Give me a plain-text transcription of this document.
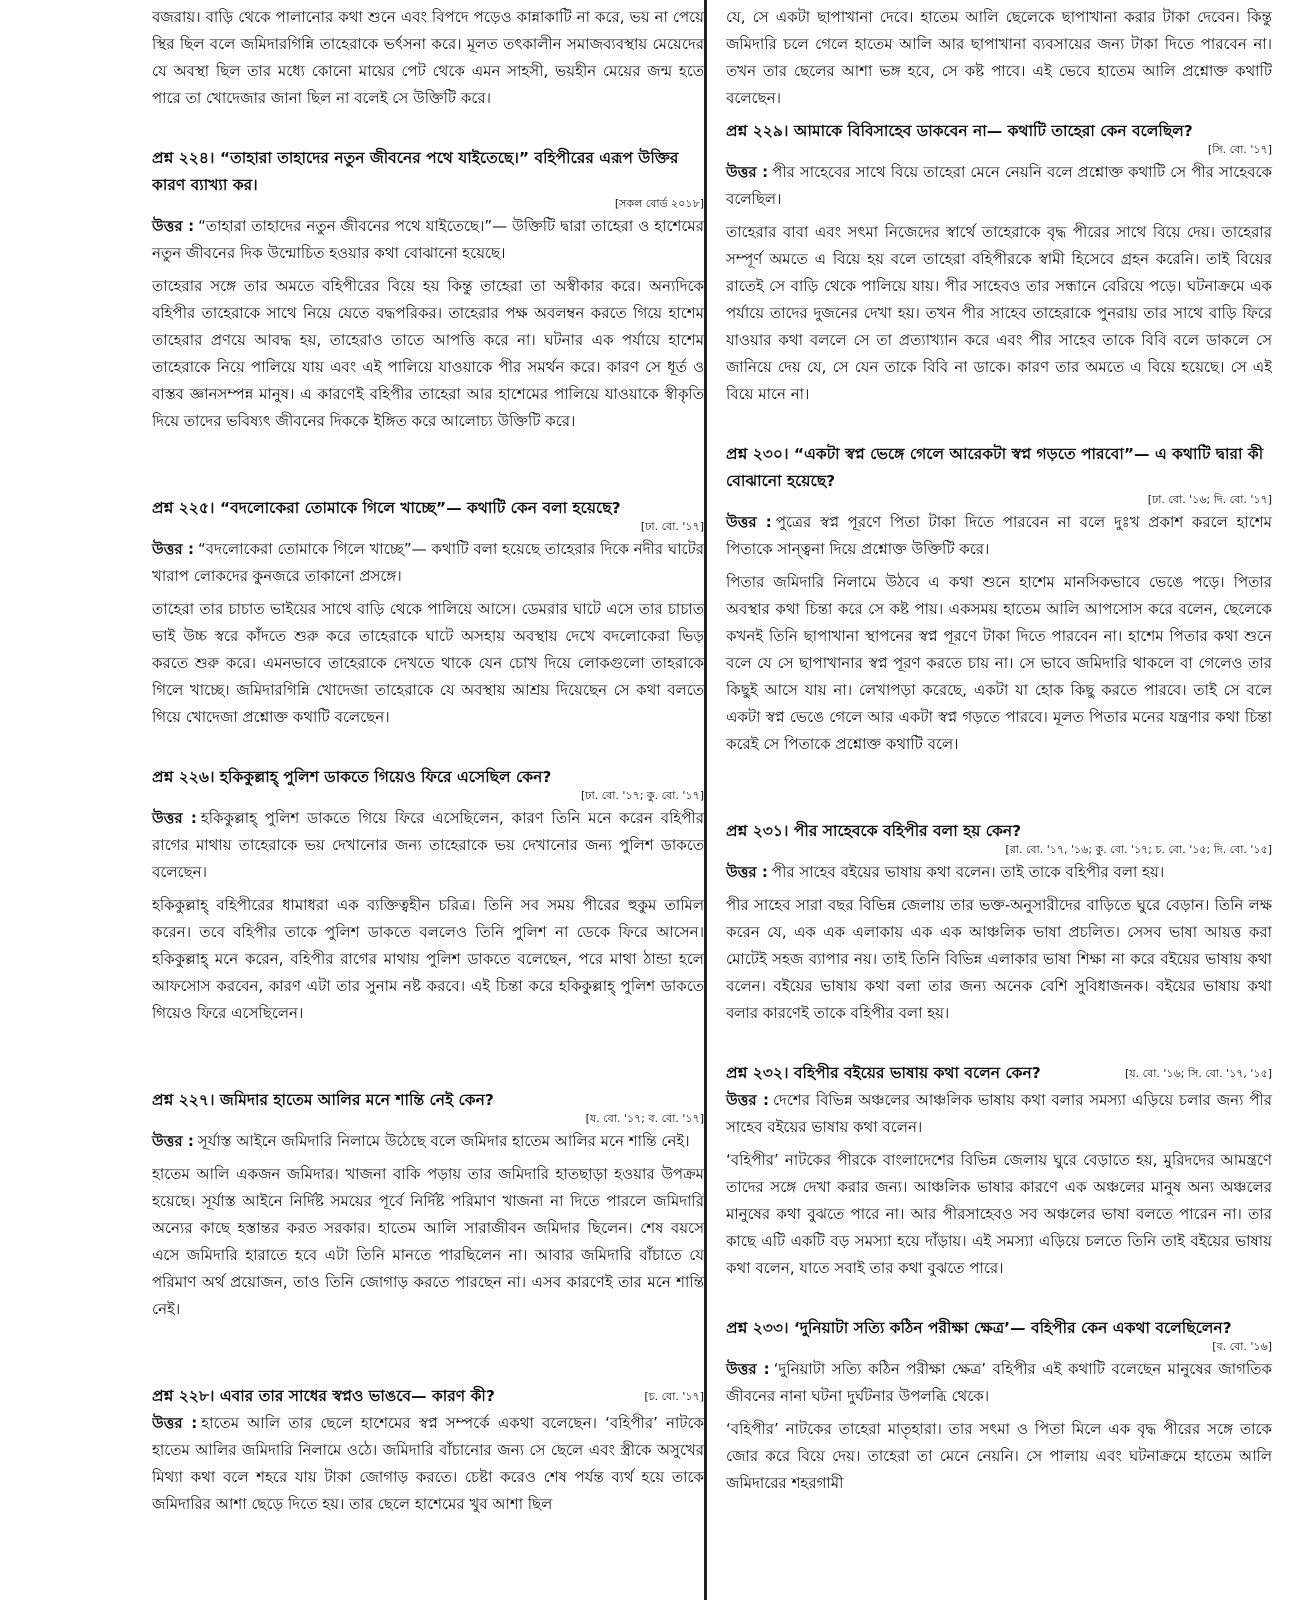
বজরায়। বাড়ি থেকে পালানোর কথা শুনে এবং বিপদে পড়েও কান্নাকাটি না করে, ভয় না পেয়ে স্থির ছিল বলে জমিদারগিন্নি তাহেরাকে ভর্ৎসনা করে। মূলত তৎকালীন সমাজব্যবস্থায় মেয়েদের যে অবস্থা ছিল তার মধ্যে কোনো মায়ের পেট থেকে এমন সাহসী, ভয়হীন মেয়ের জন্ম হতে পারে তা খোদেজার জানা ছিল না বলেই সে উক্তিটি করে।

প্রশ্ন ২২৪। “তাহারা তাহাদের নতুন জীবনের পথে যাইতেছে।” বহিপীরের এরূপ উক্তির কারণ ব্যাখ্যা কর।
[সকল বোর্ড ২০১৮]

উত্তর : “তাহারা তাহাদের নতুন জীবনের পথে যাইতেছে।”— উক্তিটি দ্বারা তাহেরা ও হাশেমের নতুন জীবনের দিক উন্মোচিত হওয়ার কথা বোঝানো হয়েছে।

তাহেরার সঙ্গে তার অমতে বহিপীরের বিয়ে হয় কিন্তু তাহেরা তা অস্বীকার করে। অন্যদিকে বহিপীর তাহেরাকে সাথে নিয়ে যেতে বদ্ধপরিকর। তাহেরার পক্ষ অবলম্বন করতে গিয়ে হাশেম তাহেরার প্রণয়ে আবদ্ধ হয়, তাহেরাও তাতে আপত্তি করে না। ঘটনার এক পর্যায়ে হাশেম তাহেরাকে নিয়ে পালিয়ে যায় এবং এই পালিয়ে যাওয়াকে পীর সমর্থন করে। কারণ সে ধূর্ত ও বাস্তব জ্ঞানসম্পন্ন মানুষ। এ কারণেই বহিপীর তাহেরা আর হাশেমের পালিয়ে যাওয়াকে স্বীকৃতি দিয়ে তাদের ভবিষ্যৎ জীবনের দিককে ইঙ্গিত করে আলোচ্য উক্তিটি করে।

প্রশ্ন ২২৫। “বদলোকেরা তোমাকে গিলে খাচ্ছে”— কথাটি কেন বলা হয়েছে?
[ঢা. বো. '১৭]

উত্তর : “বদলোকেরা তোমাকে গিলে খাচ্ছে”— কথাটি বলা হয়েছে তাহেরার দিকে নদীর ঘাটের খারাপ লোকদের কুনজরে তাকানো প্রসঙ্গে।

তাহেরা তার চাচাত ভাইয়ের সাথে বাড়ি থেকে পালিয়ে আসে। ডেমরার ঘাটে এসে তার চাচাত ভাই উচ্চ স্বরে কাঁদতে শুরু করে তাহেরাকে ঘাটে অসহায় অবস্থায় দেখে বদলোকেরা ভিড় করতে শুরু করে। এমনভাবে তাহেরাকে দেখতে থাকে যেন চোখ দিয়ে লোকগুলো তাহরাকে গিলে খাচ্ছে। জমিদারগিন্নি খোদেজা তাহেরাকে যে অবস্থায় আশ্রয় দিয়েছেন সে কথা বলতে গিয়ে খোদেজা প্রশ্নোক্ত কথাটি বলেছেন।

প্রশ্ন ২২৬। হকিকুল্লাহ্ পুলিশ ডাকতে গিয়েও ফিরে এসেছিল কেন?
[ঢা. বো. '১৭; কু. বো. '১৭]

উত্তর : হকিকুল্লাহ্ পুলিশ ডাকতে গিয়ে ফিরে এসেছিলেন, কারণ তিনি মনে করেন বহিপীর রাগের মাথায় তাহেরাকে ভয় দেখানোর জন্য তাহেরাকে ভয় দেখানোর জন্য পুলিশ ডাকতে বলেছেন।

হকিকুল্লাহ্ বহিপীরের ধামাধরা এক ব্যক্তিত্বহীন চরিত্র। তিনি সব সময় পীরের হুকুম তামিল করেন। তবে বহিপীর তাকে পুলিশ ডাকতে বললেও তিনি পুলিশ না ডেকে ফিরে আসেন। হকিকুল্লাহ্ মনে করেন, বহিপীর রাগের মাথায় পুলিশ ডাকতে বলেছেন, পরে মাথা ঠান্ডা হলে আফসোস করবেন, কারণ এটা তার সুনাম নষ্ট করবে। এই চিন্তা করে হকিকুল্লাহ্ পুলিশ ডাকতে গিয়েও ফিরে এসেছিলেন।

প্রশ্ন ২২৭। জমিদার হাতেম আলির মনে শান্তি নেই কেন?
[য. বো. '১৭; ব. বো. '১৭]

উত্তর : সূর্যাস্ত আইনে জমিদারি নিলামে উঠেছে বলে জমিদার হাতেম আলির মনে শান্তি নেই।

হাতেম আলি একজন জমিদার। খাজনা বাকি পড়ায় তার জমিদারি হাতছাড়া হওয়ার উপক্রম হয়েছে। সূর্যাস্ত আইনে নির্দিষ্ট সময়ের পূর্বে নির্দিষ্ট পরিমাণ খাজনা না দিতে পারলে জমিদারি অন্যের কাছে হস্তান্তর করত সরকার। হাতেম আলি সারাজীবন জমিদার ছিলেন। শেষ বয়সে এসে জমিদারি হারাতে হবে এটা তিনি মানতে পারছিলেন না। আবার জমিদারি বাঁচাতে যে পরিমাণ অর্থ প্রয়োজন, তাও তিনি জোগাড় করতে পারছেন না। এসব কারণেই তার মনে শান্তি নেই।

প্রশ্ন ২২৮। এবার তার সাধের স্বপ্নও ভাঙবে— কারণ কী?	[চ. বো. '১৭]

উত্তর : হাতেম আলি তার ছেলে হাশেমের স্বপ্ন সম্পর্কে একথা বলেছেন। ‘বহিপীর’ নাটকে হাতেম আলির জমিদারি নিলামে ওঠে। জমিদারি বাঁচানোর জন্য সে ছেলে এবং স্ত্রীকে অসুখের মিথ্যা কথা বলে শহরে যায় টাকা জোগাড় করতে। চেষ্টা করেও শেষ পর্যন্ত ব্যর্থ হয়ে তাকে জমিদারির আশা ছেড়ে দিতে হয়। তার ছেলে হাশেমের খুব আশা ছিল

যে, সে একটা ছাপাখানা দেবে। হাতেম আলি ছেলেকে ছাপাখানা করার টাকা দেবেন। কিন্তু জমিদারি চলে গেলে হাতেম আলি আর ছাপাখানা ব্যবসায়ের জন্য টাকা দিতে পারবেন না। তখন তার ছেলের আশা ভঙ্গ হবে, সে কষ্ট পাবে। এই ভেবে হাতেম আলি প্রশ্নোক্ত কথাটি বলেছেন।

প্রশ্ন ২২৯। আমাকে বিবিসাহেব ডাকবেন না— কথাটি তাহেরা কেন বলেছিল?
[সি. বো. '১৭]

উত্তর : পীর সাহেবের সাথে বিয়ে তাহেরা মেনে নেয়নি বলে প্রশ্নোক্ত কথাটি সে পীর সাহেবকে বলেছিল।

তাহেরার বাবা এবং সৎমা নিজেদের স্বার্থে তাহেরাকে বৃদ্ধ পীরের সাথে বিয়ে দেয়। তাহেরার সম্পূর্ণ অমতে এ বিয়ে হয় বলে তাহেরা বহিপীরকে স্বামী হিসেবে গ্রহন করেনি। তাই বিয়ের রাতেই সে বাড়ি থেকে পালিয়ে যায়। পীর সাহেবও তার সন্ধানে বেরিয়ে পড়ে। ঘটনাক্রমে এক পর্যায়ে তাদের দুজনের দেখা হয়। তখন পীর সাহেব তাহেরাকে পুনরায় তার সাথে বাড়ি ফিরে যাওয়ার কথা বললে সে তা প্রত্যাখ্যান করে এবং পীর সাহেব তাকে বিবি বলে ডাকলে সে জানিয়ে দেয় যে, সে যেন তাকে বিবি না ডাকে। কারণ তার অমতে এ বিয়ে হয়েছে। সে এই বিয়ে মানে না।

প্রশ্ন ২৩০। “একটা স্বপ্ন ভেঙ্গে গেলে আরেকটা স্বপ্ন গড়তে পারবো”— এ কথাটি দ্বারা কী বোঝানো হয়েছে?
[ঢা. বো. '১৬; দি. বো. '১৭]

উত্তর : পুত্রের স্বপ্ন পূরণে পিতা টাকা দিতে পারবেন না বলে দুঃখ প্রকাশ করলে হাশেম পিতাকে সান্ত্বনা দিয়ে প্রশ্নোক্ত উক্তিটি করে।

পিতার জমিদারি নিলামে উঠবে এ কথা শুনে হাশেম মানসিকভাবে ভেঙে পড়ে। পিতার অবস্থার কথা চিন্তা করে সে কষ্ট পায়। একসময় হাতেম আলি আপসোস করে বলেন, ছেলেকে কখনই তিনি ছাপাখানা স্থাপনের স্বপ্ন পূরণে টাকা দিতে পারবেন না। হাশেম পিতার কথা শুনে বলে যে সে ছাপাখানার স্বপ্ন পূরণ করতে চায় না। সে ভাবে জমিদারি থাকলে বা গেলেও তার কিছুই আসে যায় না। লেখাপড়া করেছে, একটা যা হোক কিছু করতে পারবে। তাই সে বলে একটা স্বপ্ন ভেঙে গেলে আর একটা স্বপ্ন গড়তে পারবে। মূলত পিতার মনের যন্ত্রণার কথা চিন্তা করেই সে পিতাকে প্রশ্নোক্ত কথাটি বলে।

প্রশ্ন ২৩১। পীর সাহেবকে বহিপীর বলা হয় কেন?
[রা. বো. '১৭, '১৬; কু. বো. '১৭; চ. বো. '১৫; দি. বো. '১৫]

উত্তর : পীর সাহেব বইয়ের ভাষায় কথা বলেন। তাই তাকে বহিপীর বলা হয়।

পীর সাহেব সারা বছর বিভিন্ন জেলায় তার ভক্ত-অনুসারীদের বাড়িতে ঘুরে বেড়ান। তিনি লক্ষ করেন যে, এক এক এলাকায় এক এক আঞ্চলিক ভাষা প্রচলিত। সেসব ভাষা আয়ত্ত করা মোটেই সহজ ব্যাপার নয়। তাই তিনি বিভিন্ন এলাকার ভাষা শিক্ষা না করে বইয়ের ভাষায় কথা বলেন। বইয়ের ভাষায় কথা বলা তার জন্য অনেক বেশি সুবিধাজনক। বইয়ের ভাষায় কথা বলার কারণেই তাকে বহিপীর বলা হয়।

প্রশ্ন ২৩২। বহিপীর বইয়ের ভাষায় কথা বলেন কেন?	[য. বো. '১৬; সি. বো. '১৭, '১৫]

উত্তর : দেশের বিভিন্ন অঞ্চলের আঞ্চলিক ভাষায় কথা বলার সমস্যা এড়িয়ে চলার জন্য পীর সাহেব বইয়ের ভাষায় কথা বলেন।

‘বহিপীর’ নাটকের পীরকে বাংলাদেশের বিভিন্ন জেলায় ঘুরে বেড়াতে হয়, মুরিদদের আমন্ত্রণে তাদের সঙ্গে দেখা করার জন্য। আঞ্চলিক ভাষার কারণে এক অঞ্চলের মানুষ অন্য অঞ্চলের মানুষের কথা বুঝতে পারে না। আর পীরসাহেবও সব অঞ্চলের ভাষা বলতে পারেন না। তার কাছে এটি একটি বড় সমস্যা হয়ে দাঁড়ায়। এই সমস্যা এড়িয়ে চলতে তিনি তাই বইয়ের ভাষায় কথা বলেন, যাতে সবাই তার কথা বুঝতে পারে।

প্রশ্ন ২৩৩। ‘দুনিয়াটা সত্যি কঠিন পরীক্ষা ক্ষেত্র’— বহিপীর কেন একথা বলেছিলেন?
[ব. বো. '১৬]

উত্তর : ‘দুনিয়াটা সত্যি কঠিন পরীক্ষা ক্ষেত্র’ বহিপীর এই কথাটি বলেছেন মানুষের জাগতিক জীবনের নানা ঘটনা দুর্ঘটনার উপলব্ধি থেকে।

‘বহিপীর’ নাটকের তাহেরা মাতৃহারা। তার সৎমা ও পিতা মিলে এক বৃদ্ধ পীরের সঙ্গে তাকে জোর করে বিয়ে দেয়। তাহেরা তা মেনে নেয়নি। সে পালায় এবং ঘটনাক্রমে হাতেম আলি জমিদারের শহরগামী
